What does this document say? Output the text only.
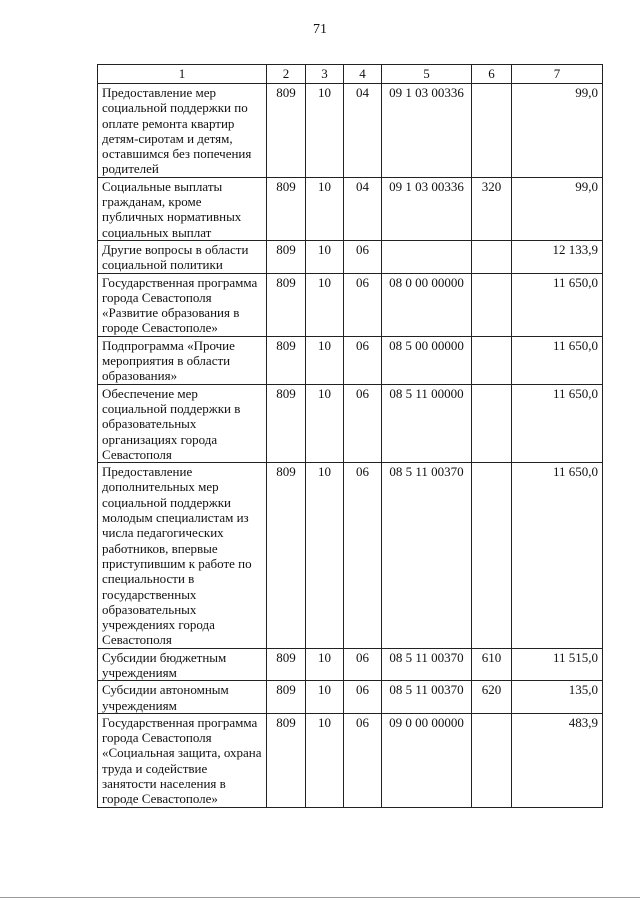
71
1	2	3	4	5	6	7
Предоставление мер социальной поддержки по оплате ремонта квартир детям-сиротам и детям, оставшимся без попечения родителей	809	10	04	09 1 03 00336		99,0
Социальные выплаты гражданам, кроме публичных нормативных социальных выплат	809	10	04	09 1 03 00336	320	99,0
Другие вопросы в области социальной политики	809	10	06			12 133,9
Государственная программа города Севастополя «Развитие образования в городе Севастополе»	809	10	06	08 0 00 00000		11 650,0
Подпрограмма «Прочие мероприятия в области образования»	809	10	06	08 5 00 00000		11 650,0
Обеспечение мер социальной поддержки в образовательных организациях города Севастополя	809	10	06	08 5 11 00000		11 650,0
Предоставление дополнительных мер социальной поддержки молодым специалистам из числа педагогических работников, впервые приступившим к работе по специальности в государственных образовательных учреждениях города Севастополя	809	10	06	08 5 11 00370		11 650,0
Субсидии бюджетным учреждениям	809	10	06	08 5 11 00370	610	11 515,0
Субсидии автономным учреждениям	809	10	06	08 5 11 00370	620	135,0
Государственная программа города Севастополя «Социальная защита, охрана труда и содействие занятости населения в городе Севастополе»	809	10	06	09 0 00 00000		483,9
